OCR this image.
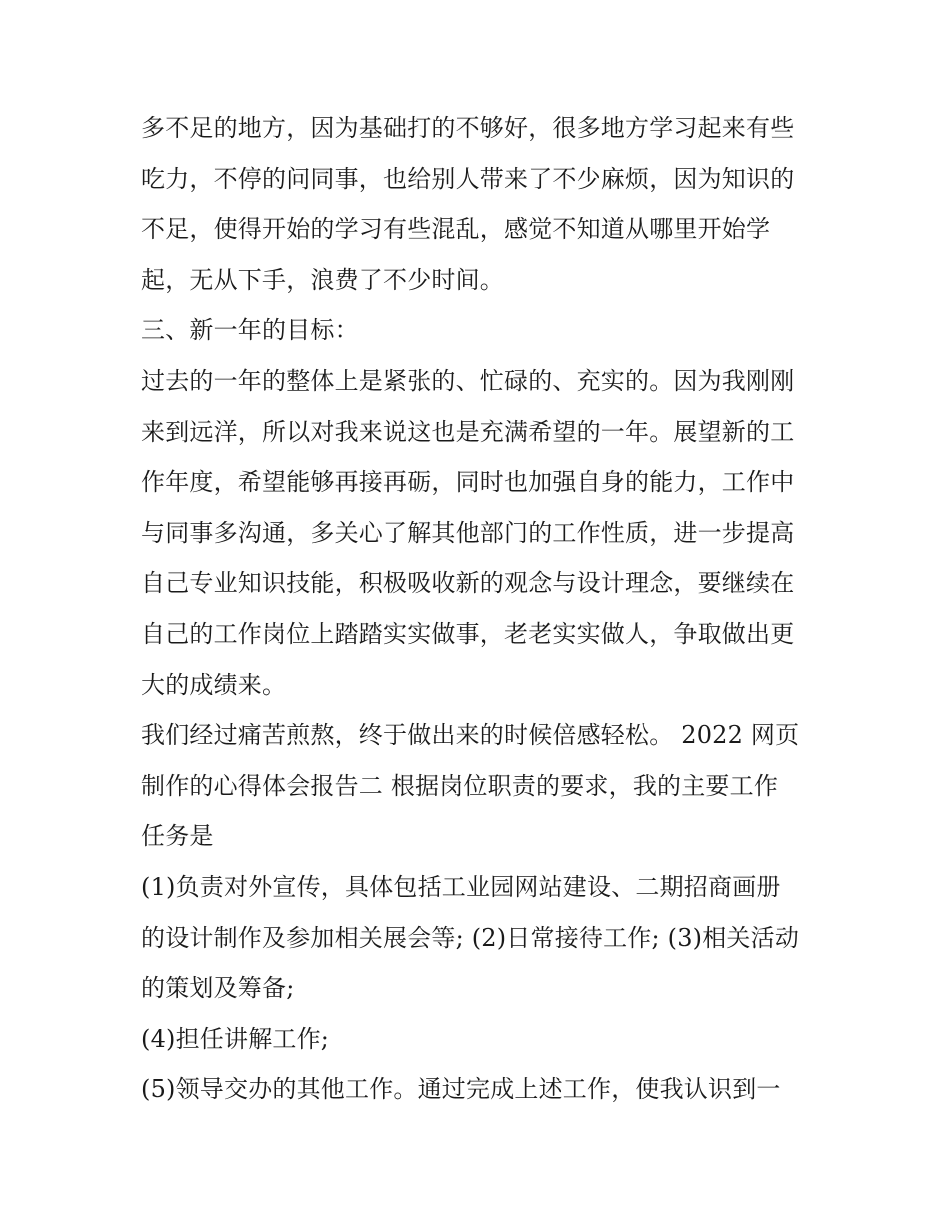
多不足的地方，因为基础打的不够好，很多地方学习起来有些
吃力，不停的问同事，也给别人带来了不少麻烦，因为知识的
不足，使得开始的学习有些混乱，感觉不知道从哪里开始学
起，无从下手，浪费了不少时间。

三、新一年的目标：

过去的一年的整体上是紧张的、忙碌的、充实的。因为我刚刚
来到远洋，所以对我来说这也是充满希望的一年。展望新的工
作年度，希望能够再接再砺，同时也加强自身的能力，工作中
与同事多沟通，多关心了解其他部门的工作性质，进一步提高
自己专业知识技能，积极吸收新的观念与设计理念，要继续在
自己的工作岗位上踏踏实实做事，老老实实做人，争取做出更
大的成绩来。

我们经过痛苦煎熬，终于做出来的时候倍感轻松。 2022 网页
制作的心得体会报告二 根据岗位职责的要求，我的主要工作
任务是

(1)负责对外宣传，具体包括工业园网站建设、二期招商画册
的设计制作及参加相关展会等; (2)日常接待工作; (3)相关活动
的策划及筹备;

(4)担任讲解工作;

(5)领导交办的其他工作。通过完成上述工作，使我认识到一
